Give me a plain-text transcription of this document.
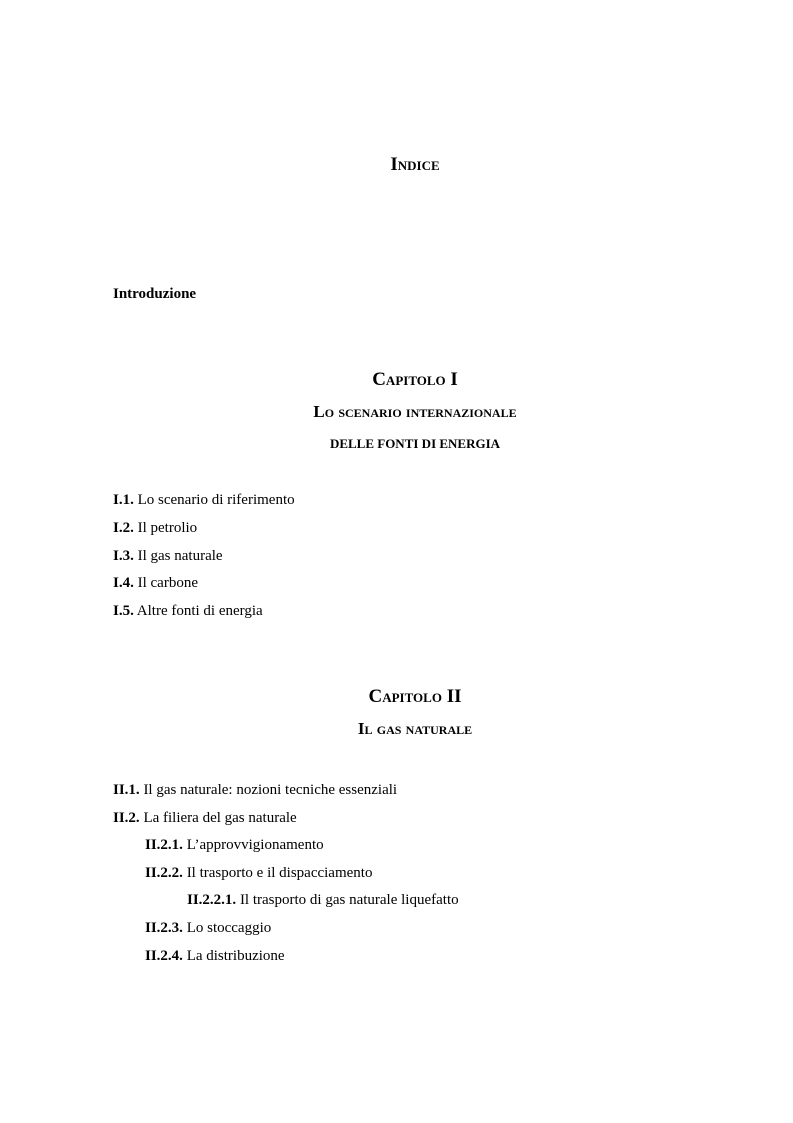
Indice
Introduzione
Capitolo I
Lo scenario internazionale
DELLE FONTI DI ENERGIA
I.1. Lo scenario di riferimento
I.2. Il petrolio
I.3. Il gas naturale
I.4. Il carbone
I.5. Altre fonti di energia
Capitolo II
Il gas naturale
II.1. Il gas naturale: nozioni tecniche essenziali
II.2. La filiera del gas naturale
II.2.1. L’approvvigionamento
II.2.2. Il trasporto e il dispacciamento
II.2.2.1. Il trasporto di gas naturale liquefatto
II.2.3. Lo stoccaggio
II.2.4. La distribuzione
